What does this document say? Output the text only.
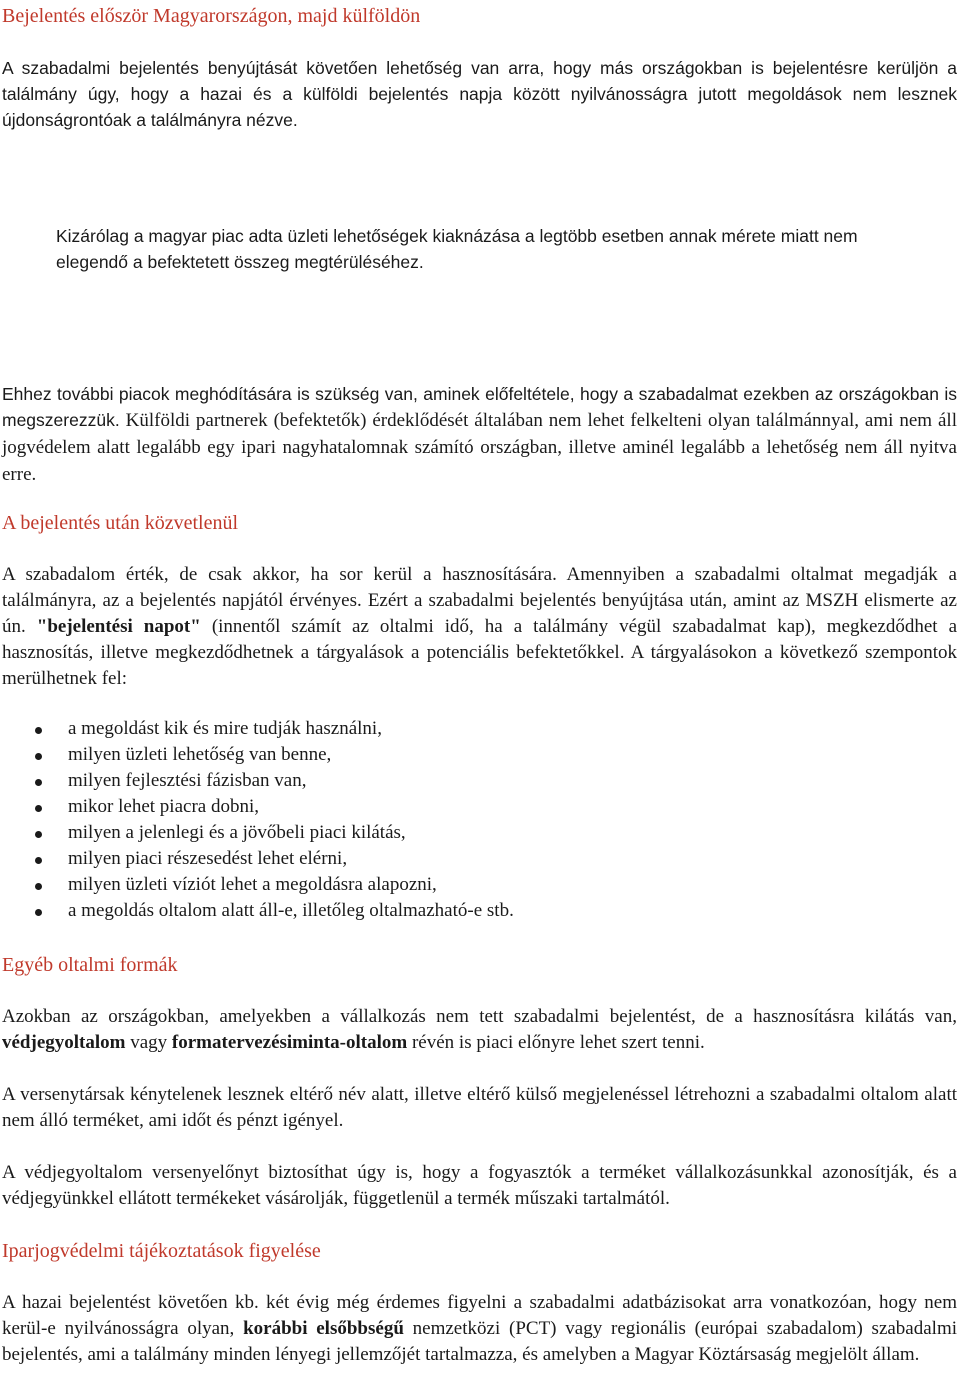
Bejelentés először Magyarországon, majd külföldön

A szabadalmi bejelentés benyújtását követően lehetőség van arra, hogy más országokban is bejelentésre kerüljön a találmány úgy, hogy a hazai és a külföldi bejelentés napja között nyilvánosságra jutott megoldások nem lesznek újdonságrontóak a találmányra nézve.

Kizárólag a magyar piac adta üzleti lehetőségek kiaknázása a legtöbb esetben annak mérete miatt nem elegendő a befektetett összeg megtérüléséhez.

Ehhez további piacok meghódítására is szükség van, aminek előfeltétele, hogy a szabadalmat ezekben az országokban is megszerezzük. Külföldi partnerek (befektetők) érdeklődését általában nem lehet felkelteni olyan találmánnyal, ami nem áll jogvédelem alatt legalább egy ipari nagyhatalomnak számító országban, illetve aminél legalább a lehetőség nem áll nyitva erre.

A bejelentés után közvetlenül

A szabadalom érték, de csak akkor, ha sor kerül a hasznosítására. Amennyiben a szabadalmi oltalmat megadják a találmányra, az a bejelentés napjától érvényes. Ezért a szabadalmi bejelentés benyújtása után, amint az MSZH elismerte az ún. "bejelentési napot" (innentől számít az oltalmi idő, ha a találmány végül szabadalmat kap), megkezdődhet a hasznosítás, illetve megkezdődhetnek a tárgyalások a potenciális befektetőkkel. A tárgyalásokon a következő szempontok merülhetnek fel:

a megoldást kik és mire tudják használni,
milyen üzleti lehetőség van benne,
milyen fejlesztési fázisban van,
mikor lehet piacra dobni,
milyen a jelenlegi és a jövőbeli piaci kilátás,
milyen piaci részesedést lehet elérni,
milyen üzleti víziót lehet a megoldásra alapozni,
a megoldás oltalom alatt áll-e, illetőleg oltalmazható-e stb.
Egyéb oltalmi formák

Azokban az országokban, amelyekben a vállalkozás nem tett szabadalmi bejelentést, de a hasznosításra kilátás van, védjegyoltalom vagy formatervezésiminta-oltalom révén is piaci előnyre lehet szert tenni.

A versenytársak kénytelenek lesznek eltérő név alatt, illetve eltérő külső megjelenéssel létrehozni a szabadalmi oltalom alatt nem álló terméket, ami időt és pénzt igényel.

A védjegyoltalom versenyelőnyt biztosíthat úgy is, hogy a fogyasztók a terméket vállalkozásunkkal azonosítják, és a védjegyünkkel ellátott termékeket vásárolják, függetlenül a termék műszaki tartalmától.

Iparjogvédelmi tájékoztatások figyelése

A hazai bejelentést követően kb. két évig még érdemes figyelni a szabadalmi adatbázisokat arra vonatkozóan, hogy nem kerül-e nyilvánosságra olyan, korábbi elsőbbségű nemzetközi (PCT) vagy regionális (európai szabadalom) szabadalmi bejelentés, ami a találmány minden lényegi jellemzőjét tartalmazza, és amelyben a Magyar Köztársaság megjelölt állam.
